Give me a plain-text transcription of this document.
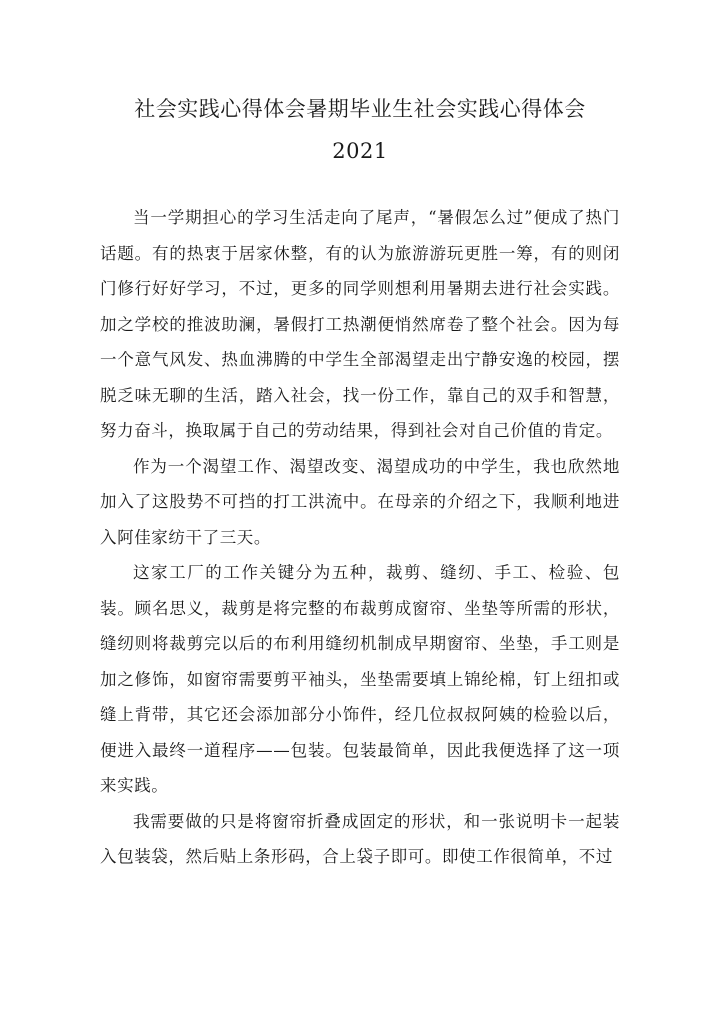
社会实践心得体会暑期毕业生社会实践心得体会
2021

当一学期担心的学习生活走向了尾声，“暑假怎么过”便成了热门话题。有的热衷于居家休整，有的认为旅游游玩更胜一筹，有的则闭门修行好好学习，不过，更多的同学则想利用暑期去进行社会实践。加之学校的推波助澜，暑假打工热潮便悄然席卷了整个社会。因为每一个意气风发、热血沸腾的中学生全部渴望走出宁静安逸的校园，摆脱乏味无聊的生活，踏入社会，找一份工作，靠自己的双手和智慧，努力奋斗，换取属于自己的劳动结果，得到社会对自己价值的肯定。

作为一个渴望工作、渴望改变、渴望成功的中学生，我也欣然地加入了这股势不可挡的打工洪流中。在母亲的介绍之下，我顺利地进入阿佳家纺干了三天。

这家工厂的工作关键分为五种，裁剪、缝纫、手工、检验、包装。顾名思义，裁剪是将完整的布裁剪成窗帘、坐垫等所需的形状，缝纫则将裁剪完以后的布利用缝纫机制成早期窗帘、坐垫，手工则是加之修饰，如窗帘需要剪平袖头，坐垫需要填上锦纶棉，钉上纽扣或缝上背带，其它还会添加部分小饰件，经几位叔叔阿姨的检验以后，便进入最终一道程序——包装。包装最简单，因此我便选择了这一项来实践。

我需要做的只是将窗帘折叠成固定的形状，和一张说明卡一起装入包装袋，然后贴上条形码，合上袋子即可。即使工作很简单，不过
